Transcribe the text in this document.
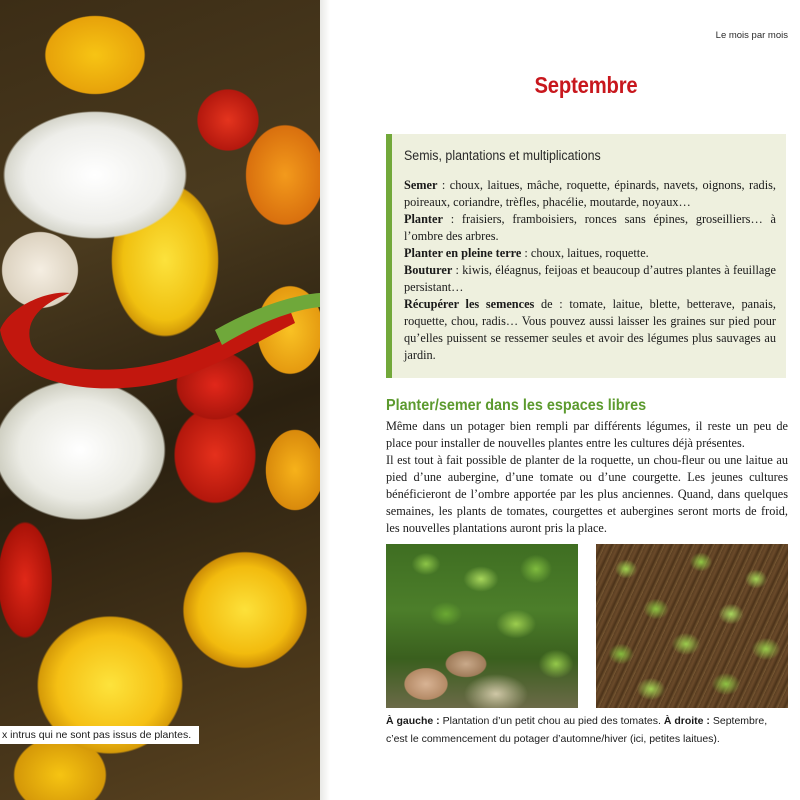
x intrus qui ne sont pas issus de plantes.
Le mois par mois
Septembre
Semis, plantations et multiplications

Semer : choux, laitues, mâche, roquette, épinards, navets, oignons, radis, poireaux, coriandre, trèfles, phacélie, moutarde, noyaux…

Planter : fraisiers, framboisiers, ronces sans épines, groseilliers… à l’ombre des arbres.

Planter en pleine terre : choux, laitues, roquette.

Bouturer : kiwis, éléagnus, feijoas et beaucoup d’autres plantes à feuillage persistant…

Récupérer les semences de : tomate, laitue, blette, betterave, panais, roquette, chou, radis… Vous pouvez aussi laisser les graines sur pied pour qu’elles puissent se ressemer seules et avoir des légumes plus sauvages au jardin.

Planter/semer dans les espaces libres

Même dans un potager bien rempli par différents légumes, il reste un peu de place pour installer de nouvelles plantes entre les cultures déjà présentes.

Il est tout à fait possible de planter de la roquette, un chou-fleur ou une laitue au pied d’une aubergine, d’une tomate ou d’une courgette. Les jeunes cultures bénéficieront de l’ombre apportée par les plus anciennes. Quand, dans quelques semaines, les plants de tomates, courgettes et aubergines seront morts de froid, les nouvelles plantations auront pris la place.

À gauche : Plantation d’un petit chou au pied des tomates. À droite : Septembre, c’est le commencement du potager d’automne/hiver (ici, petites laitues).
